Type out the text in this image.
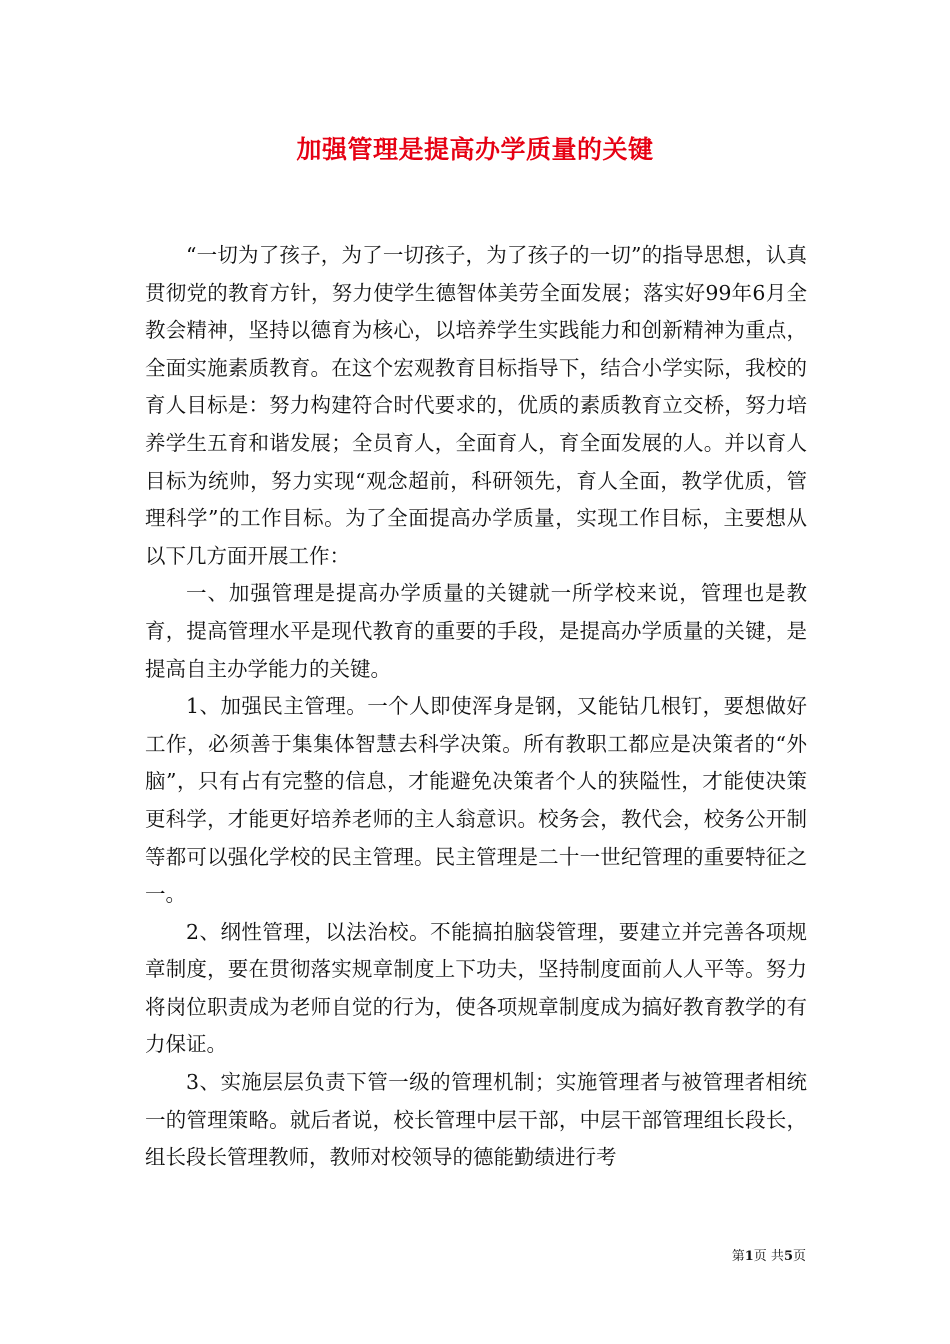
加强管理是提高办学质量的关键

“一切为了孩子，为了一切孩子，为了孩子的一切”的指导思想，认真贯彻党的教育方针，努力使学生德智体美劳全面发展；落实好99年6月全教会精神，坚持以德育为核心，以培养学生实践能力和创新精神为重点，全面实施素质教育。在这个宏观教育目标指导下，结合小学实际，我校的育人目标是：努力构建符合时代要求的，优质的素质教育立交桥，努力培养学生五育和谐发展；全员育人，全面育人，育全面发展的人。并以育人目标为统帅，努力实现“观念超前，科研领先，育人全面，教学优质，管理科学”的工作目标。为了全面提高办学质量，实现工作目标，主要想从以下几方面开展工作：

一、加强管理是提高办学质量的关键就一所学校来说，管理也是教育，提高管理水平是现代教育的重要的手段，是提高办学质量的关键，是提高自主办学能力的关键。

1、加强民主管理。一个人即使浑身是钢，又能钻几根钉，要想做好工作，必须善于集集体智慧去科学决策。所有教职工都应是决策者的“外脑”，只有占有完整的信息，才能避免决策者个人的狭隘性，才能使决策更科学，才能更好培养老师的主人翁意识。校务会，教代会，校务公开制等都可以强化学校的民主管理。民主管理是二十一世纪管理的重要特征之一。

2、纲性管理，以法治校。不能搞拍脑袋管理，要建立并完善各项规章制度，要在贯彻落实规章制度上下功夫，坚持制度面前人人平等。努力将岗位职责成为老师自觉的行为，使各项规章制度成为搞好教育教学的有力保证。

3、实施层层负责下管一级的管理机制；实施管理者与被管理者相统一的管理策略。就后者说，校长管理中层干部，中层干部管理组长段长，组长段长管理教师，教师对校领导的德能勤绩进行考

第1页 共5页
